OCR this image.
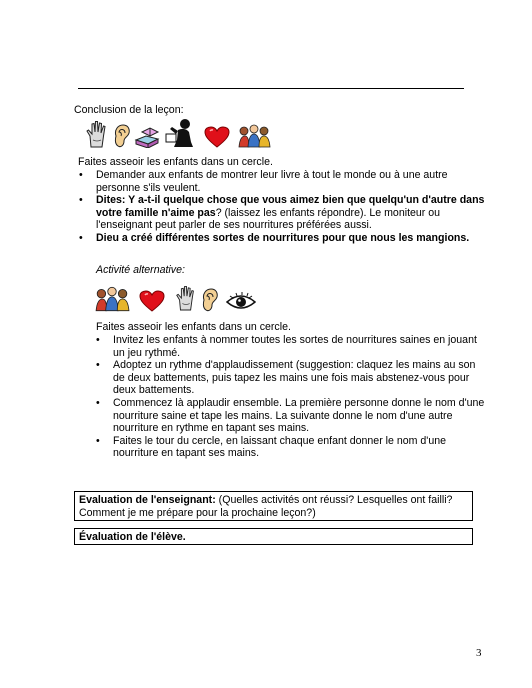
Conclusion de la leçon:
Faites asseoir les enfants dans un cercle.
• Demander aux enfants de montrer leur livre à tout le monde ou à une autre personne s'ils veulent.
• Dites: Y a-t-il quelque chose que vous aimez bien que quelqu'un d'autre dans votre famille n'aime pas? (laissez les enfants répondre). Le moniteur ou l'enseignant peut parler de ses nourritures préférées aussi.
• Dieu a créé différentes sortes de nourritures pour que nous les mangions.
Activité alternative:
Faites asseoir les enfants dans un cercle.
• Invitez les enfants à nommer toutes les sortes de nourritures saines en jouant un jeu rythmé.
• Adoptez un rythme d'applaudissement (suggestion: claquez les mains au son de deux battements, puis tapez les mains une fois mais abstenez-vous pour deux battements.
• Commencez là applaudir ensemble. La première personne donne le nom d'une nourriture saine et tape les mains. La suivante donne le nom d'une autre nourriture en rythme en tapant ses mains.
• Faites le tour du cercle, en laissant chaque enfant donner le nom d'une nourriture en tapant ses mains.
Evaluation de l'enseignant: (Quelles activités ont réussi? Lesquelles ont failli? Comment je me prépare pour la prochaine leçon?)
Évaluation de l'élève.
3
